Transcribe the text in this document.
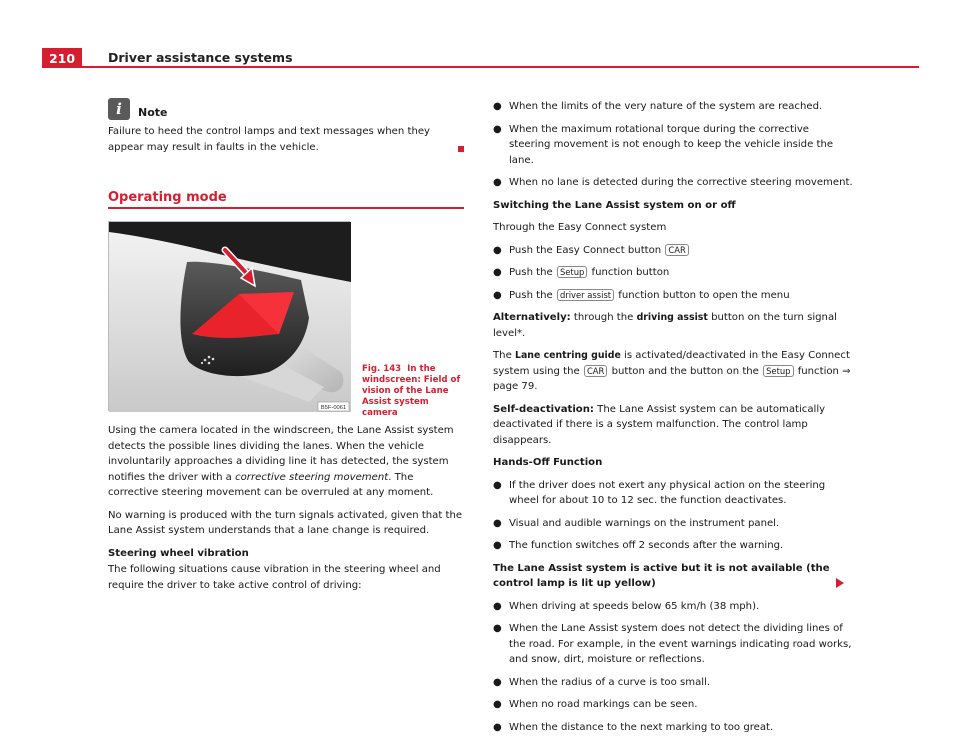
210	Driver assistance systems
i	Note
Failure to heed the control lamps and text messages when they appear may result in faults in the vehicle.
Operating mode
B5F-0061
Fig. 143 In the windscreen: Field of vision of the Lane Assist system camera

Using the camera located in the windscreen, the Lane Assist system detects the possible lines dividing the lanes. When the vehicle involuntarily approaches a dividing line it has detected, the system notifies the driver with a corrective steering movement. The corrective steering movement can be overruled at any moment.

No warning is produced with the turn signals activated, given that the Lane Assist system understands that a lane change is required.

Steering wheel vibration

The following situations cause vibration in the steering wheel and require the driver to take active control of driving:

● When the limits of the very nature of the system are reached.
● When the maximum rotational torque during the corrective steering movement is not enough to keep the vehicle inside the lane.
● When no lane is detected during the corrective steering movement.

Switching the Lane Assist system on or off

Through the Easy Connect system

● Push the Easy Connect button CAR
● Push the Setup function button
● Push the driver assist function button to open the menu

Alternatively: through the driving assist button on the turn signal level*.

The Lane centring guide is activated/deactivated in the Easy Connect system using the CAR button and the button on the Setup function ⇒ page 79.

Self-deactivation: The Lane Assist system can be automatically deactivated if there is a system malfunction. The control lamp disappears.

Hands-Off Function

● If the driver does not exert any physical action on the steering wheel for about 10 to 12 sec. the function deactivates.
● Visual and audible warnings on the instrument panel.
● The function switches off 2 seconds after the warning.

The Lane Assist system is active but it is not available (the control lamp is lit up yellow)

● When driving at speeds below 65 km/h (38 mph).
● When the Lane Assist system does not detect the dividing lines of the road. For example, in the event warnings indicating road works, and snow, dirt, moisture or reflections.
● When the radius of a curve is too small.
● When no road markings can be seen.
● When the distance to the next marking to too great.
